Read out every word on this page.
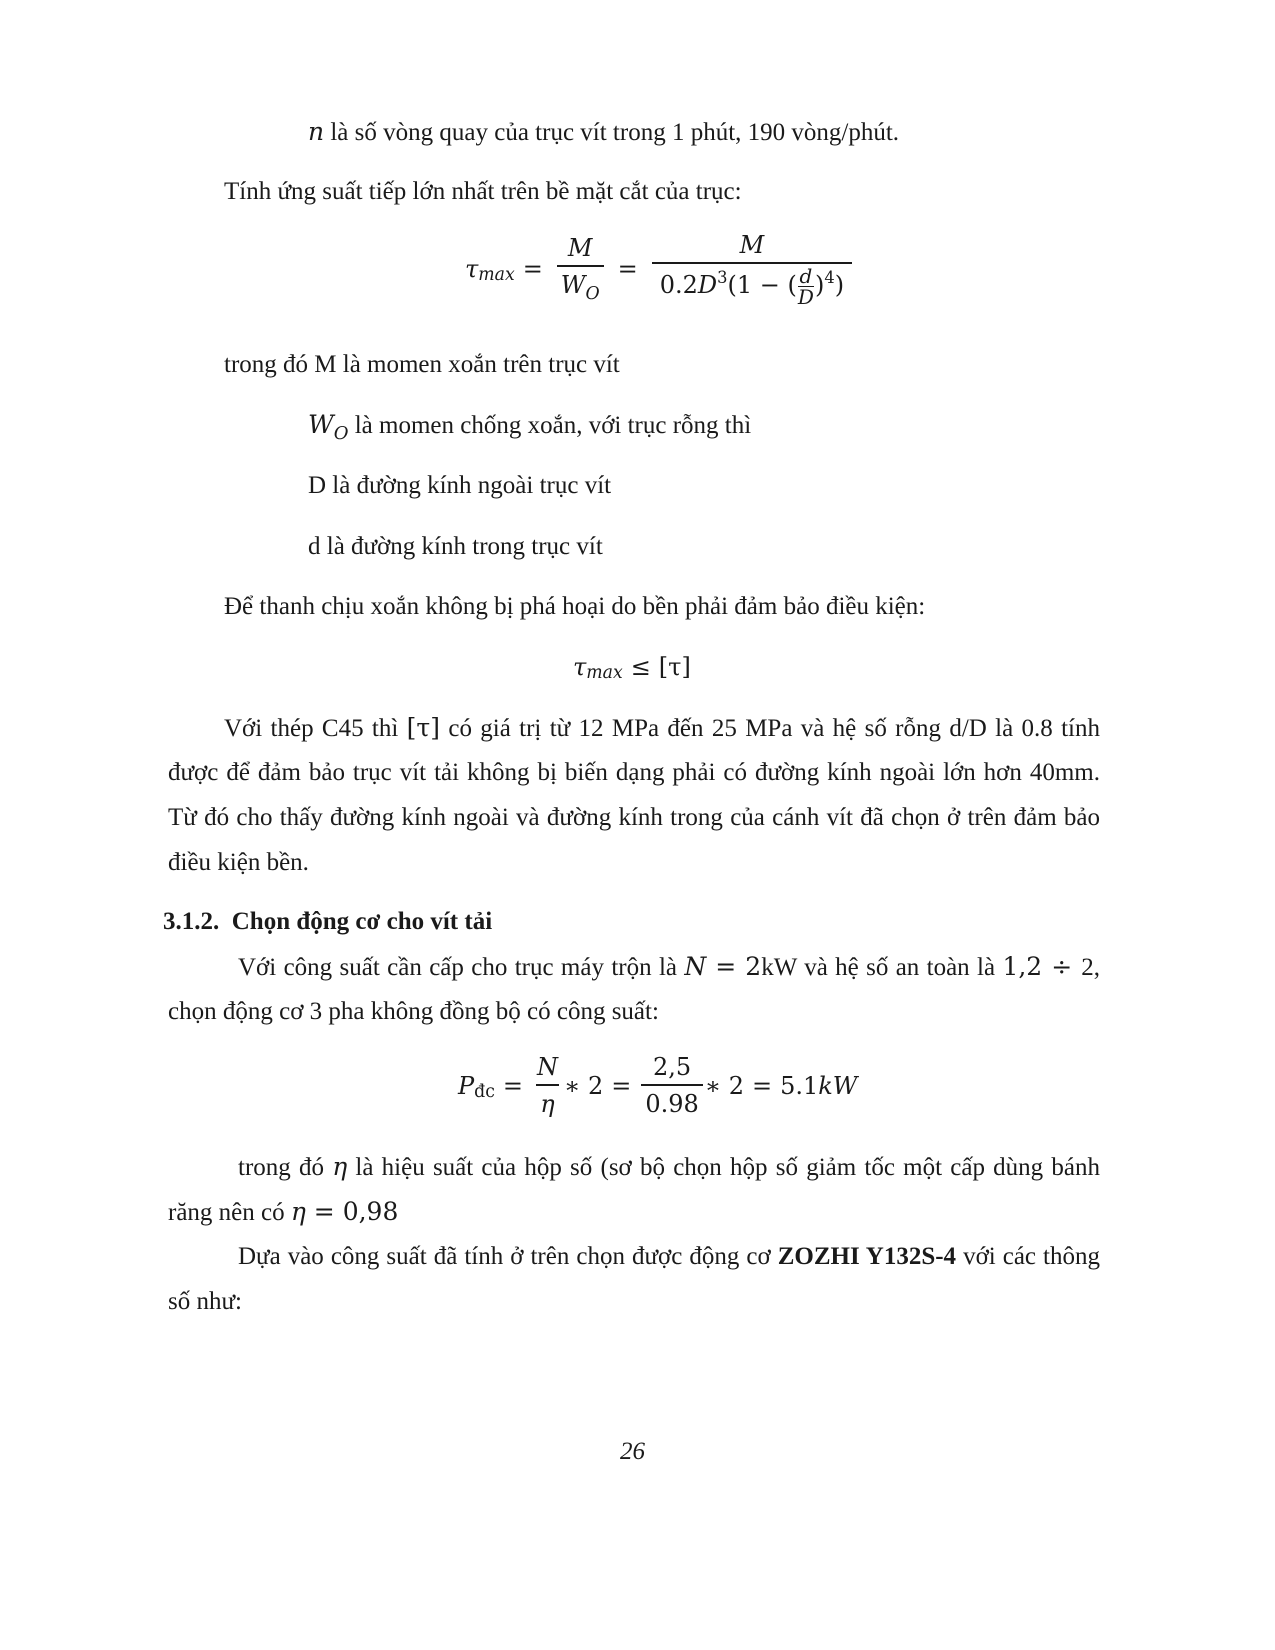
n là số vòng quay của trục vít trong 1 phút, 190 vòng/phút.
Tính ứng suất tiếp lớn nhất trên bề mặt cắt của trục:
τ $\max = \frac{M}{W_O} = \frac{M}{0.2D^3(1 - ( \frac{d}{D} )^4)}$
trong đó M là momen xoắn trên trục vít
$W_O$ là momen chống xoắn, với trục rỗng thì
D là đường kính ngoài trục vít
d là đường kính trong trục vít
Để thanh chịu xoắn không bị phá hoại do bền phải đảm bảo điều kiện:
τ max ≤ [τ]
Với thép C45 thì [τ] có giá trị từ 12 MPa đến 25 MPa và hệ số rỗng d/D là 0.8 tính
được để đảm bảo trục vít tải không bị biến dạng phải có đường kính ngoài lớn hơn 40mm.
Từ đó cho thấy đường kính ngoài và đường kính trong của cánh vít đã chọn ở trên đảm bảo
điều kiện bền.
3.1.2. Chọn động cơ cho vít tải
Với công suất cần cấp cho trục máy trộn là N = 2kW và hệ số an toàn là 1,2 ÷ 2,
chọn động cơ 3 pha không đồng bộ có công suất:
P đc = $\frac{N}{\eta}$ ∗ $2 = \frac{2,5}{0.98}$ ∗ 2 = 5.1 kW
trong đó η là hiệu suất của hộp số (sơ bộ chọn hộp số giảm tốc một cấp dùng bánh
răng nên có η = 0,98
Dựa vào công suất đã tính ở trên chọn được động cơ ZOZHI Y132S-4 với các thông
số như:
26
